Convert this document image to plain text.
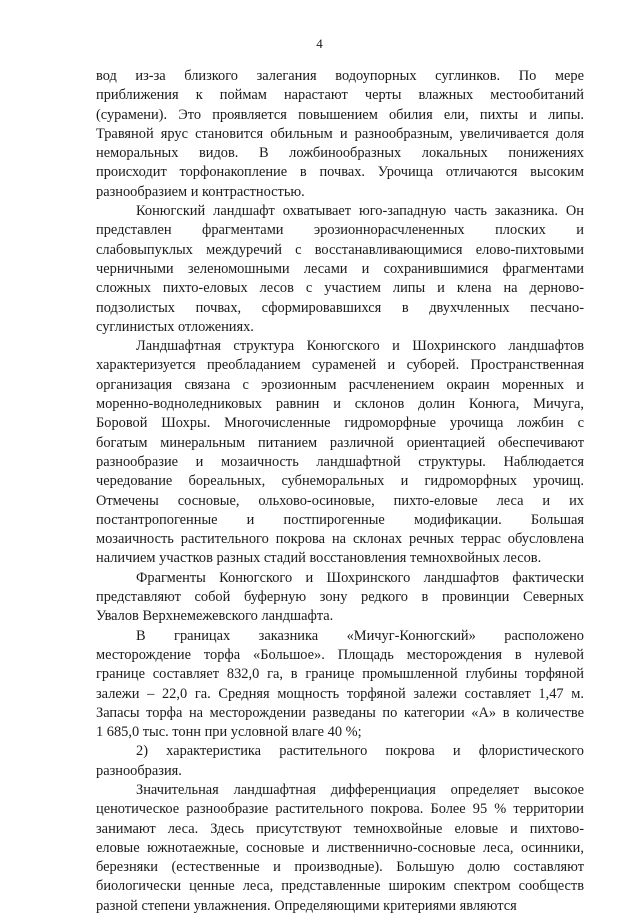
4
вод из-за близкого залегания водоупорных суглинков. По мере
приближения к поймам нарастают черты влажных местообитаний
(сурамени). Это проявляется повышением обилия ели, пихты и липы.
Травяной ярус становится обильным и разнообразным, увеличивается доля
неморальных видов. В ложбинообразных локальных понижениях
происходит торфонакопление в почвах. Урочища отличаются высоким
разнообразием и контрастностью.
Конюгский ландшафт охватывает юго-западную часть заказника. Он
представлен фрагментами эрозионнорасчлененных плоских и
слабовыпуклых междуречий с восстанавливающимися елово-пихтовыми
черничными зеленомошными лесами и сохранившимися фрагментами
сложных пихто-еловых лесов с участием липы и клена на дерново-
подзолистых почвах, сформировавшихся в двухчленных песчано-
суглинистых отложениях.
Ландшафтная структура Конюгского и Шохринского ландшафтов
характеризуется преобладанием сураменей и суборей. Пространственная
организация связана с эрозионным расчленением окраин моренных и
моренно-водноледниковых равнин и склонов долин Конюга, Мичуга,
Боровой Шохры. Многочисленные гидроморфные урочища ложбин с
богатым минеральным питанием различной ориентацией обеспечивают
разнообразие и мозаичность ландшафтной структуры. Наблюдается
чередование бореальных, субнеморальных и гидроморфных урочищ.
Отмечены сосновые, ольхово-осиновые, пихто-еловые леса и их
постантропогенные и постпирогенные модификации. Большая
мозаичность растительного покрова на склонах речных террас обусловлена
наличием участков разных стадий восстановления темнохвойных лесов.
Фрагменты Конюгского и Шохринского ландшафтов фактически
представляют собой буферную зону редкого в провинции Северных
Увалов Верхнемежевского ландшафта.
В границах заказника «Мичуг-Конюгский» расположено
месторождение торфа «Большое». Площадь месторождения в нулевой
границе составляет 832,0 га, в границе промышленной глубины торфяной
залежи – 22,0 га. Средняя мощность торфяной залежи составляет 1,47 м.
Запасы торфа на месторождении разведаны по категории «А» в количестве
1 685,0 тыс. тонн при условной влаге 40 %;
2) характеристика растительного покрова и флористического
разнообразия.
Значительная ландшафтная дифференциация определяет высокое
ценотическое разнообразие растительного покрова. Более 95 % территории
занимают леса. Здесь присутствуют темнохвойные еловые и пихтово-
еловые южнотаежные, сосновые и лиственнично-сосновые леса, осинники,
березняки (естественные и производные). Большую долю составляют
биологически ценные леса, представленные широким спектром сообществ
разной степени увлажнения. Определяющими критериями являются
